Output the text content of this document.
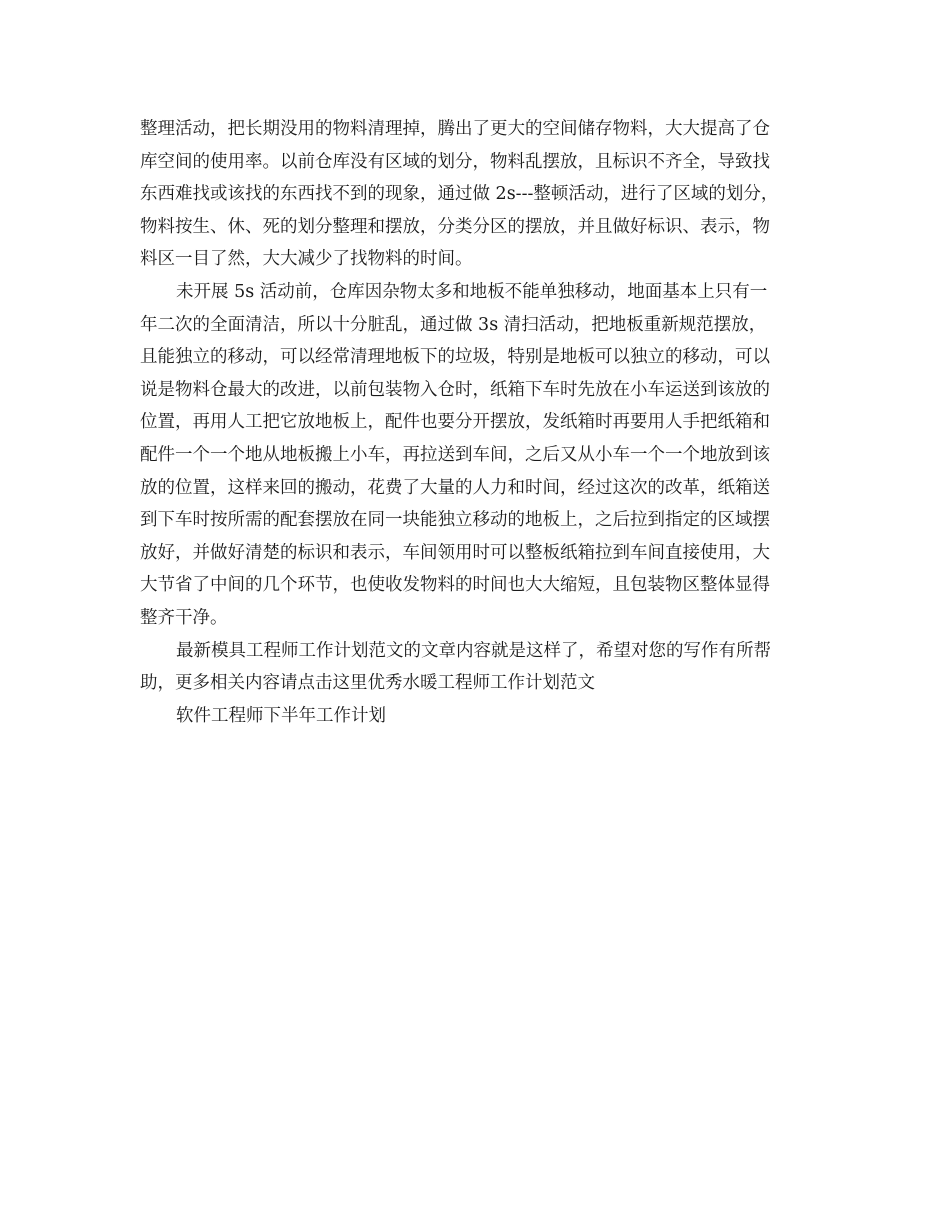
整理活动，把长期没用的物料清理掉，腾出了更大的空间储存物料，大大提高了仓
库空间的使用率。以前仓库没有区域的划分，物料乱摆放，且标识不齐全，导致找
东西难找或该找的东西找不到的现象，通过做 2s---整顿活动，进行了区域的划分，
物料按生、休、死的划分整理和摆放，分类分区的摆放，并且做好标识、表示，物
料区一目了然，大大减少了找物料的时间。
未开展 5s 活动前，仓库因杂物太多和地板不能单独移动，地面基本上只有一
年二次的全面清洁，所以十分脏乱，通过做 3s 清扫活动，把地板重新规范摆放，
且能独立的移动，可以经常清理地板下的垃圾，特别是地板可以独立的移动，可以
说是物料仓最大的改进，以前包装物入仓时，纸箱下车时先放在小车运送到该放的
位置，再用人工把它放地板上，配件也要分开摆放，发纸箱时再要用人手把纸箱和
配件一个一个地从地板搬上小车，再拉送到车间，之后又从小车一个一个地放到该
放的位置，这样来回的搬动，花费了大量的人力和时间，经过这次的改革，纸箱送
到下车时按所需的配套摆放在同一块能独立移动的地板上，之后拉到指定的区域摆
放好，并做好清楚的标识和表示，车间领用时可以整板纸箱拉到车间直接使用，大
大节省了中间的几个环节，也使收发物料的时间也大大缩短，且包装物区整体显得
整齐干净。
最新模具工程师工作计划范文的文章内容就是这样了，希望对您的写作有所帮
助，更多相关内容请点击这里优秀水暖工程师工作计划范文
软件工程师下半年工作计划
